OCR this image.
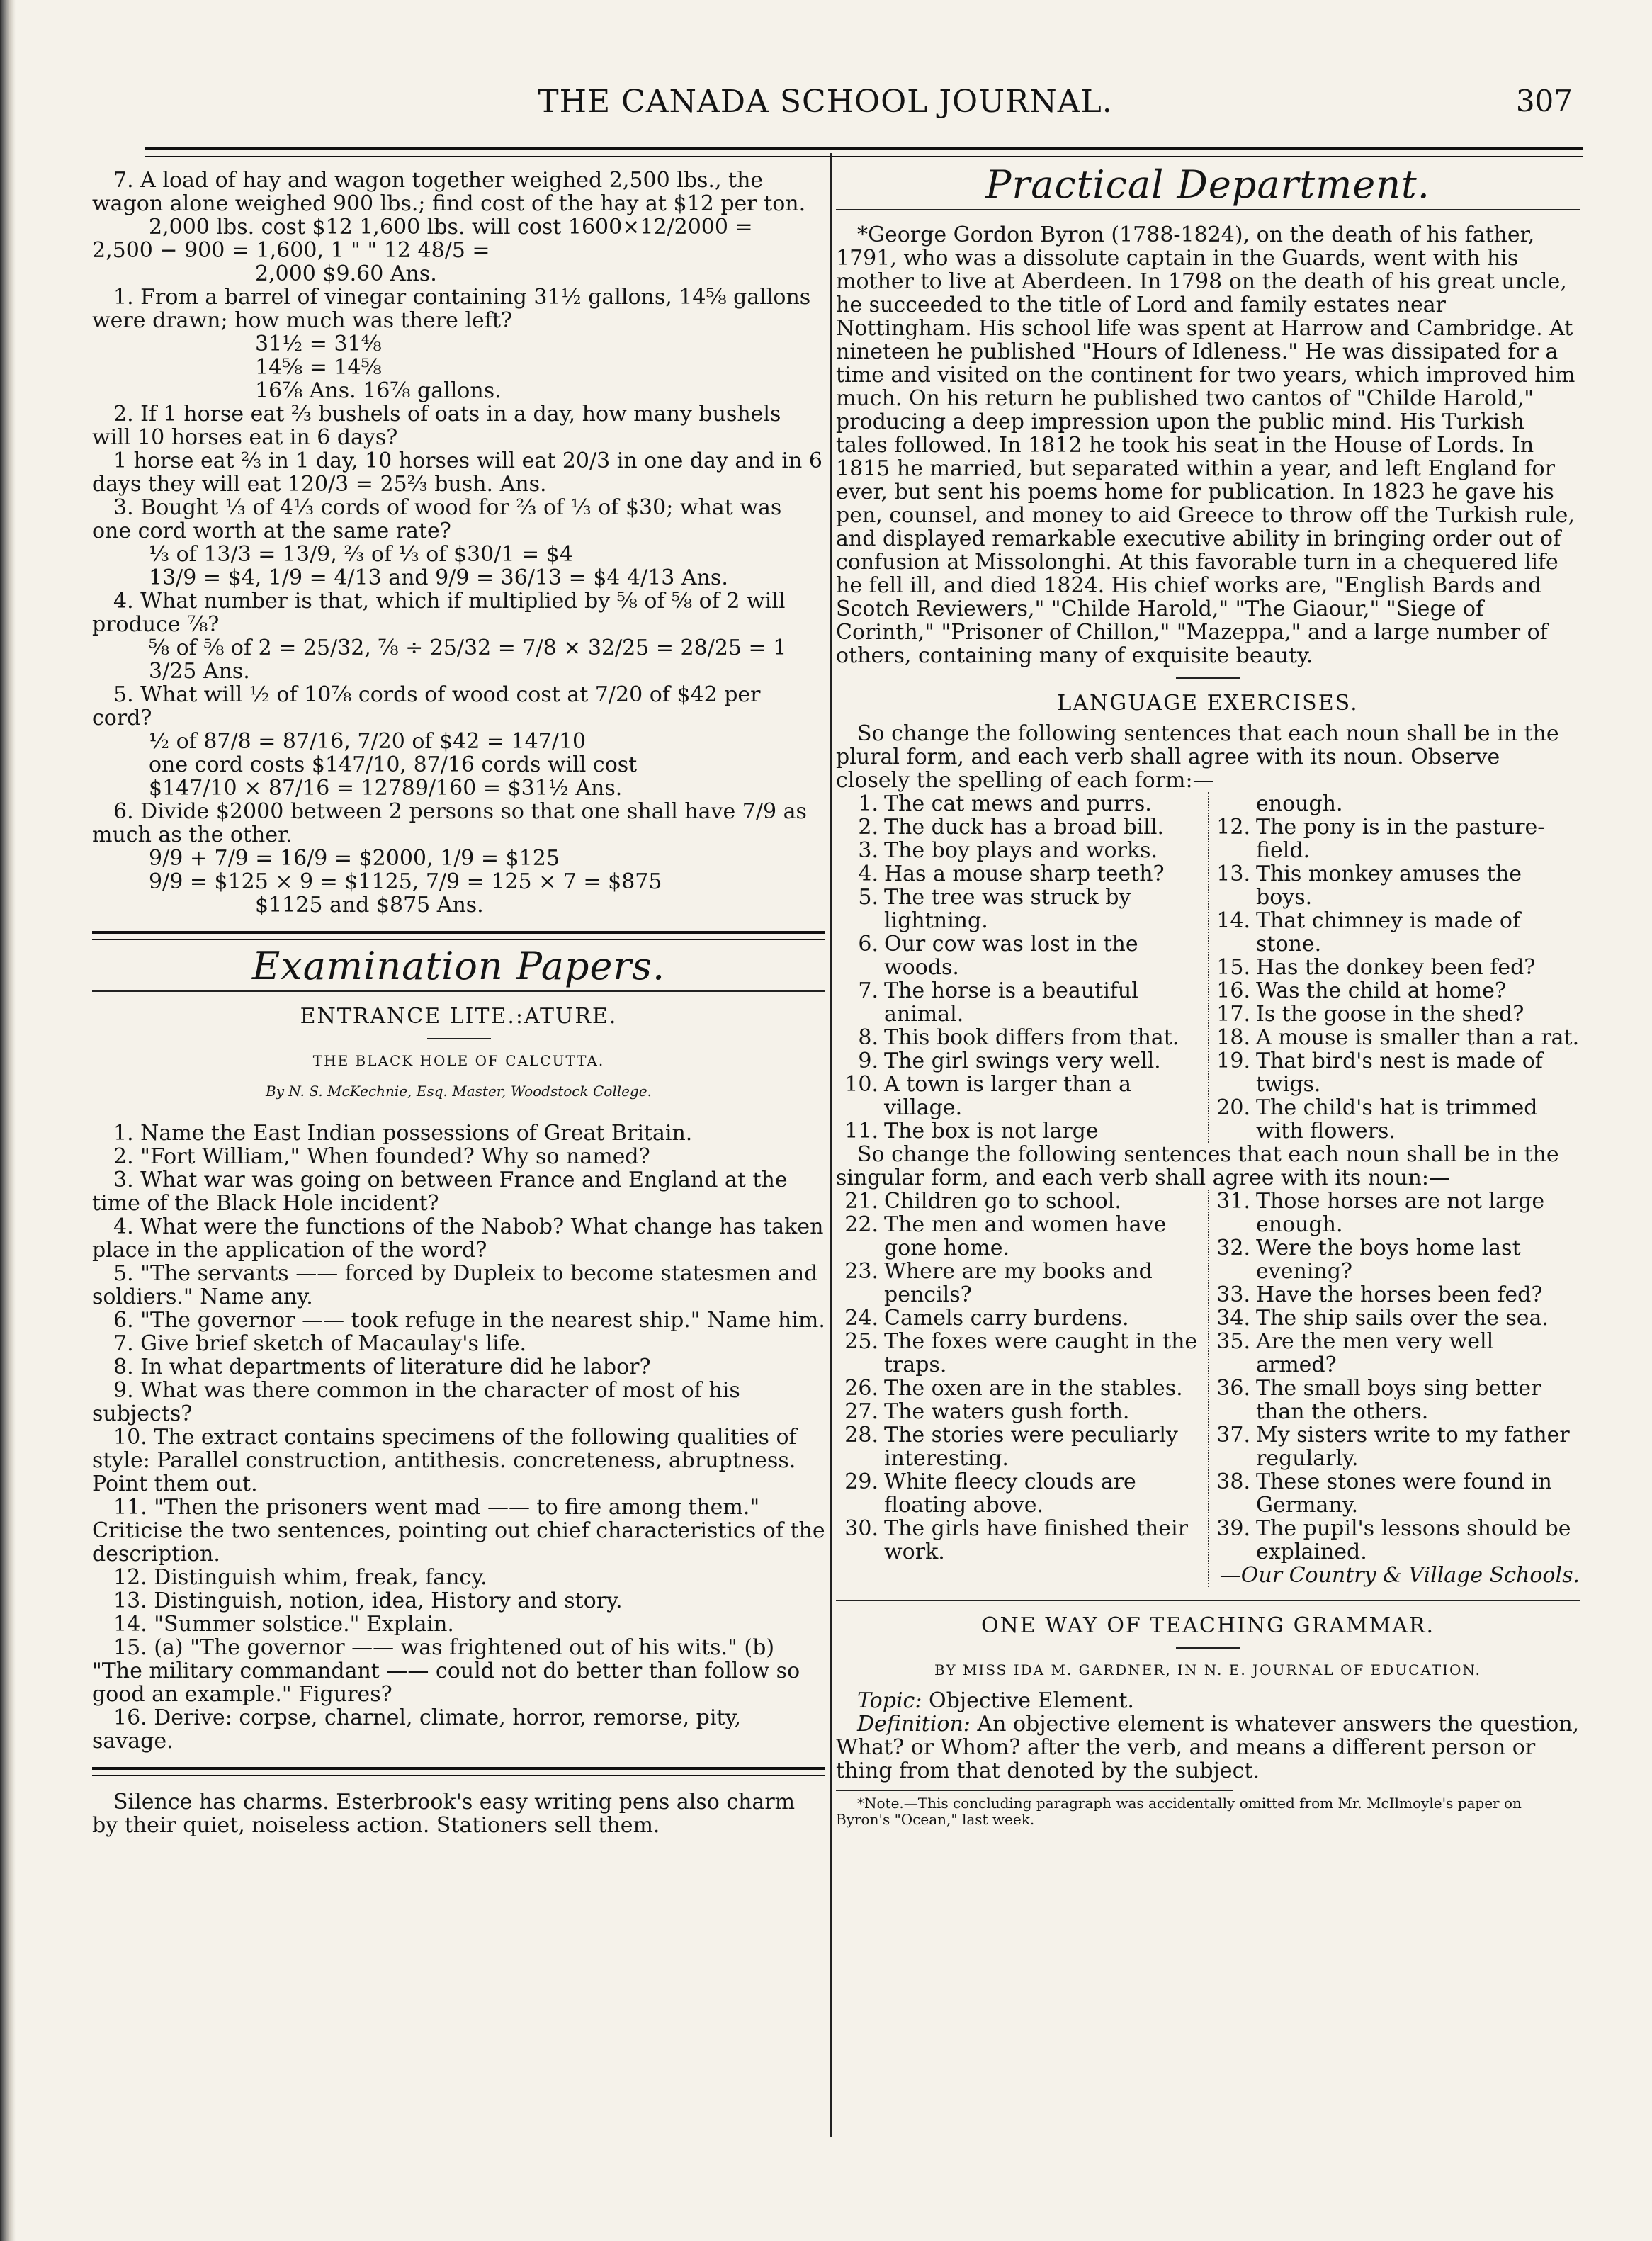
THE CANADA SCHOOL JOURNAL.	307

7. A load of hay and wagon together weighed 2,500 lbs., the wagon alone weighed 900 lbs.; find cost of the hay at $12 per ton.

2,000 lbs. cost $12 1,600 lbs. will cost 1600×12/2000 =

2,500 − 900 = 1,600, 1 " " 12 48/5 =

2,000 $9.60 Ans.

1. From a barrel of vinegar containing 31½ gallons, 14⅝ gallons were drawn; how much was there left?

31½ = 31⁴⁄₈

14⅝ = 14⅝

16⅞ Ans. 16⅞ gallons.

2. If 1 horse eat ⅔ bushels of oats in a day, how many bushels will 10 horses eat in 6 days?

1 horse eat ⅔ in 1 day, 10 horses will eat 20/3 in one day and in 6 days they will eat 120/3 = 25⅔ bush. Ans.

3. Bought ⅓ of 4⅓ cords of wood for ⅔ of ⅓ of $30; what was one cord worth at the same rate?

⅓ of 13/3 = 13/9, ⅔ of ⅓ of $30/1 = $4

13/9 = $4, 1/9 = 4/13 and 9/9 = 36/13 = $4 4/13 Ans.

4. What number is that, which if multiplied by ⅝ of ⅝ of 2 will produce ⅞?

⅝ of ⅝ of 2 = 25/32, ⅞ ÷ 25/32 = 7/8 × 32/25 = 28/25 = 1 3/25 Ans.

5. What will ½ of 10⅞ cords of wood cost at 7/20 of $42 per cord?

½ of 87/8 = 87/16, 7/20 of $42 = 147/10

one cord costs $147/10, 87/16 cords will cost

$147/10 × 87/16 = 12789/160 = $31½ Ans.

6. Divide $2000 between 2 persons so that one shall have 7/9 as much as the other.

9/9 + 7/9 = 16/9 = $2000, 1/9 = $125

9/9 = $125 × 9 = $1125, 7/9 = 125 × 7 = $875

$1125 and $875 Ans.

Examination Papers.
ENTRANCE LITE.:ATURE.
THE BLACK HOLE OF CALCUTTA.
By N. S. McKechnie, Esq. Master, Woodstock College.
1. Name the East Indian possessions of Great Britain.
2. "Fort William," When founded? Why so named?
3. What war was going on between France and England at the time of the Black Hole incident?
4. What were the functions of the Nabob? What change has taken place in the application of the word?
5. "The servants —— forced by Dupleix to become statesmen and soldiers." Name any.
6. "The governor —— took refuge in the nearest ship." Name him.
7. Give brief sketch of Macaulay's life.
8. In what departments of literature did he labor?
9. What was there common in the character of most of his subjects?
10. The extract contains specimens of the following qualities of style: Parallel construction, antithesis. concreteness, abruptness. Point them out.
11. "Then the prisoners went mad —— to fire among them." Criticise the two sentences, pointing out chief characteristics of the description.
12. Distinguish whim, freak, fancy.
13. Distinguish, notion, idea, History and story.
14. "Summer solstice." Explain.
15. (a) "The governor —— was frightened out of his wits." (b) "The military commandant —— could not do better than follow so good an example." Figures?
16. Derive: corpse, charnel, climate, horror, remorse, pity, savage.

Silence has charms. Esterbrook's easy writing pens also charm by their quiet, noiseless action. Stationers sell them.

Practical Department.

*George Gordon Byron (1788-1824), on the death of his father, 1791, who was a dissolute captain in the Guards, went with his mother to live at Aberdeen. In 1798 on the death of his great uncle, he succeeded to the title of Lord and family estates near Nottingham. His school life was spent at Harrow and Cambridge. At nineteen he published "Hours of Idleness." He was dissipated for a time and visited on the continent for two years, which improved him much. On his return he published two cantos of "Childe Harold," producing a deep impression upon the public mind. His Turkish tales followed. In 1812 he took his seat in the House of Lords. In 1815 he married, but separated within a year, and left England for ever, but sent his poems home for publication. In 1823 he gave his pen, counsel, and money to aid Greece to throw off the Turkish rule, and displayed remarkable executive ability in bringing order out of confusion at Missolonghi. At this favorable turn in a chequered life he fell ill, and died 1824. His chief works are, "English Bards and Scotch Reviewers," "Childe Harold," "The Giaour," "Siege of Corinth," "Prisoner of Chillon," "Mazeppa," and a large number of others, containing many of exquisite beauty.

LANGUAGE EXERCISES.

So change the following sentences that each noun shall be in the plural form, and each verb shall agree with its noun. Observe closely the spelling of each form:—

1. The cat mews and purrs.
2. The duck has a broad bill.
3. The boy plays and works.
4. Has a mouse sharp teeth?
5. The tree was struck by lightning.
6. Our cow was lost in the woods.
7. The horse is a beautiful animal.
8. This book differs from that.
9. The girl swings very well.
10. A town is larger than a village.
11. The box is not large
enough.
12. The pony is in the pasture-field.
13. This monkey amuses the boys.
14. That chimney is made of stone.
15. Has the donkey been fed?
16. Was the child at home?
17. Is the goose in the shed?
18. A mouse is smaller than a rat.
19. That bird's nest is made of twigs.
20. The child's hat is trimmed with flowers.

So change the following sentences that each noun shall be in the singular form, and each verb shall agree with its noun:—

21. Children go to school.
22. The men and women have gone home.
23. Where are my books and pencils?
24. Camels carry burdens.
25. The foxes were caught in the traps.
26. The oxen are in the stables.
27. The waters gush forth.
28. The stories were peculiarly interesting.
29. White fleecy clouds are floating above.
30. The girls have finished their work.
31. Those horses are not large enough.
32. Were the boys home last evening?
33. Have the horses been fed?
34. The ship sails over the sea.
35. Are the men very well armed?
36. The small boys sing better than the others.
37. My sisters write to my father regularly.
38. These stones were found in Germany.
39. The pupil's lessons should be explained.

—Our Country & Village Schools.

ONE WAY OF TEACHING GRAMMAR.
BY MISS IDA M. GARDNER, IN N. E. JOURNAL OF EDUCATION.

Topic: Objective Element.

Definition: An objective element is whatever answers the question, What? or Whom? after the verb, and means a different person or thing from that denoted by the subject.

*Note.—This concluding paragraph was accidentally omitted from Mr. McIlmoyle's paper on Byron's "Ocean," last week.
